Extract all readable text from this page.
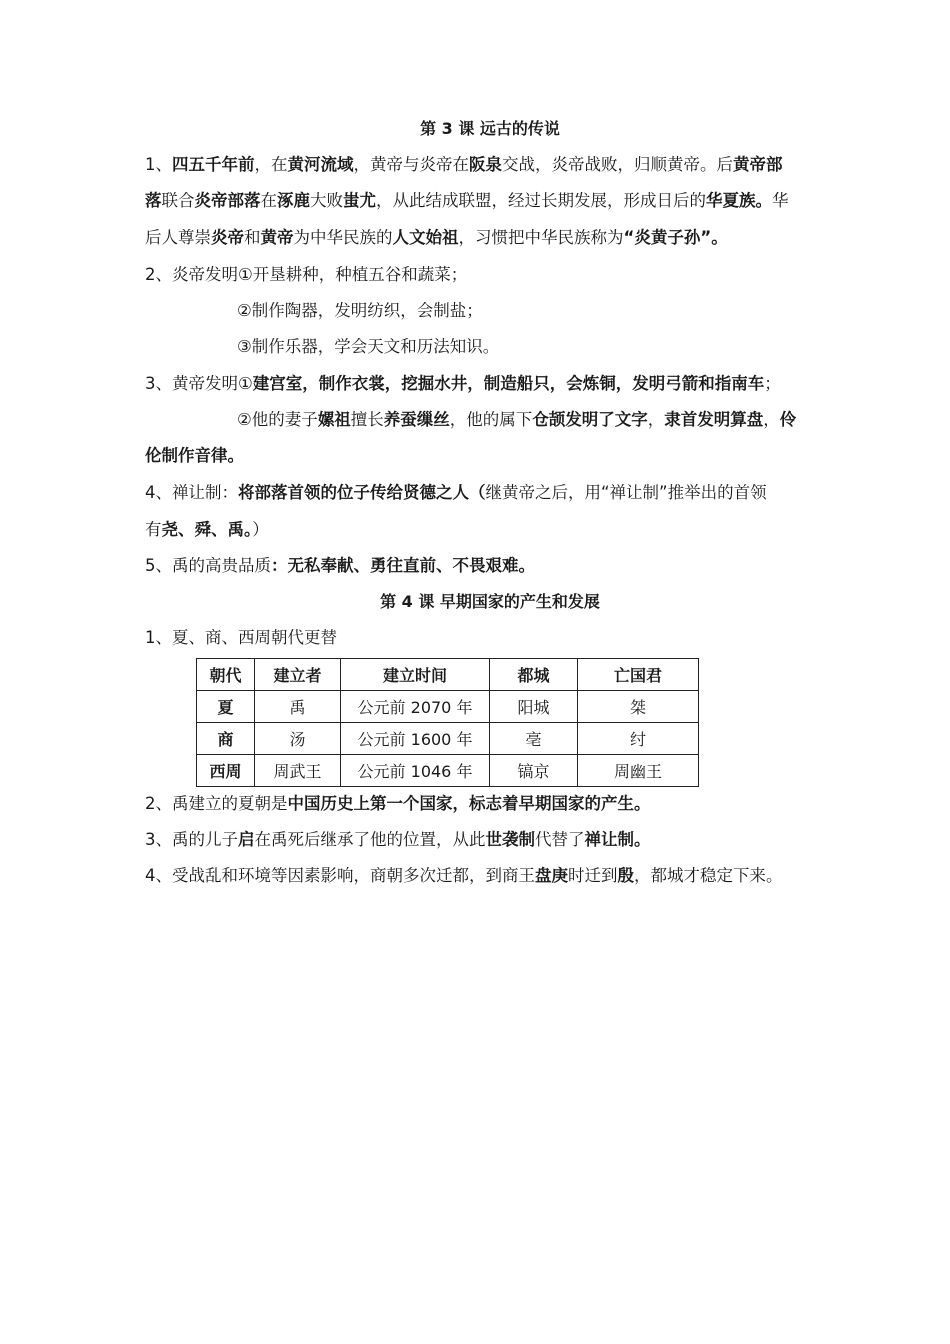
第 3 课 远古的传说
1、四五千年前，在黄河流域，黄帝与炎帝在阪泉交战，炎帝战败，归顺黄帝。后黄帝部
落联合炎帝部落在涿鹿大败蚩尤，从此结成联盟，经过长期发展，形成日后的华夏族。华
后人尊崇炎帝和黄帝为中华民族的人文始祖，习惯把中华民族称为“炎黄子孙”。
2、炎帝发明①开垦耕种，种植五谷和蔬菜；
②制作陶器，发明纺织，会制盐；
③制作乐器，学会天文和历法知识。
3、黄帝发明①建宫室，制作衣裳，挖掘水井，制造船只，会炼铜，发明弓箭和指南车；
②他的妻子嫘祖擅长养蚕缫丝，他的属下仓颉发明了文字，隶首发明算盘，伶
伦制作音律。
4、禅让制：将部落首领的位子传给贤德之人（继黄帝之后，用“禅让制”推举出的首领
有尧、舜、禹。）
5、禹的高贵品质：无私奉献、勇往直前、不畏艰难。
第 4 课 早期国家的产生和发展
1、夏、商、西周朝代更替
朝代	建立者	建立时间	都城	亡国君
夏	禹	公元前 2070 年	阳城	桀
商	汤	公元前 1600 年	亳	纣
西周	周武王	公元前 1046 年	镐京	周幽王
2、禹建立的夏朝是中国历史上第一个国家，标志着早期国家的产生。
3、禹的儿子启在禹死后继承了他的位置，从此世袭制代替了禅让制。
4、受战乱和环境等因素影响，商朝多次迁都，到商王盘庚时迁到殷，都城才稳定下来。
